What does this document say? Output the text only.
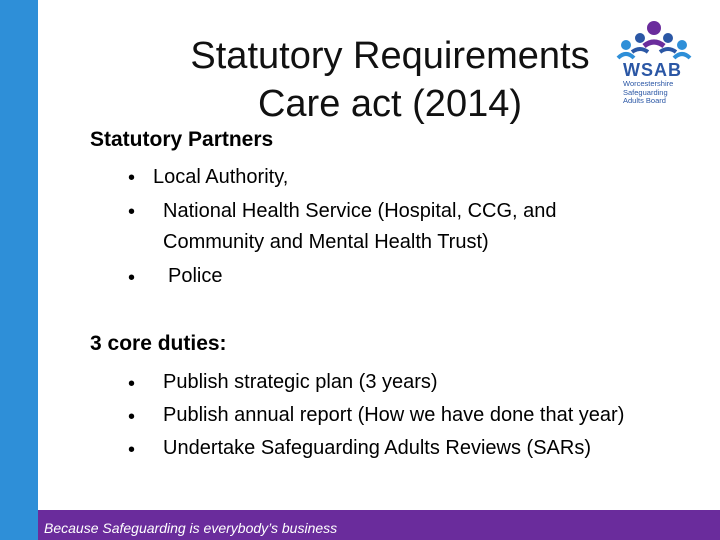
Statutory Requirements
Care act (2014)
WSAB
Worcestershire
Safeguarding
Adults Board
Statutory Partners
• Local Authority,
• National Health Service (Hospital, CCG, and
Community and Mental Health Trust)
• Police
3 core duties:
• Publish strategic plan (3 years)
• Publish annual report (How we have done that year)
• Undertake Safeguarding Adults Reviews (SARs)
Because Safeguarding is everybody’s business
